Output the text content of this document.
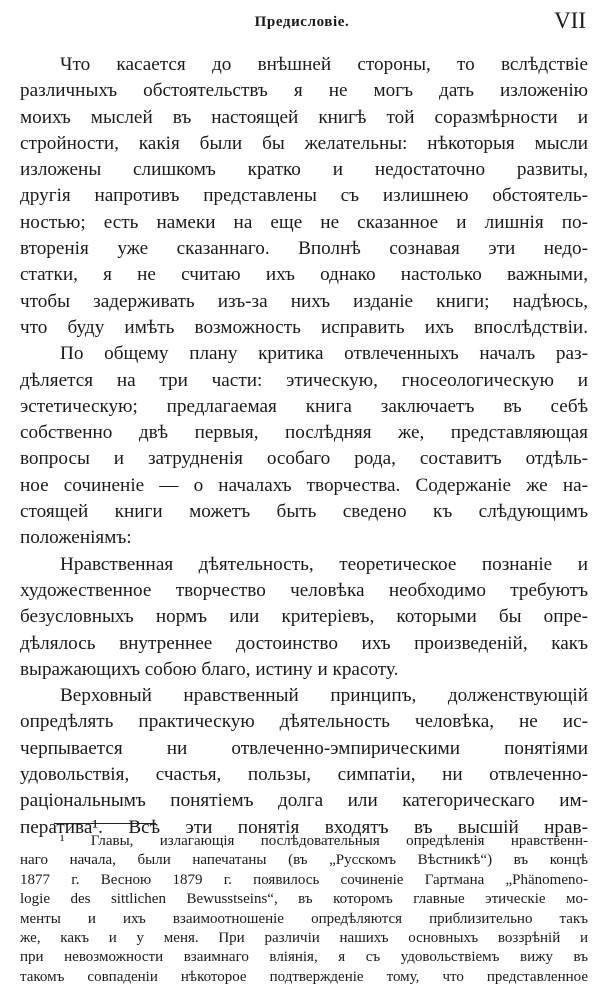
Предисловіе.	VII
Что касается до внѣшней стороны, то вслѣдствіе
различныхъ обстоятельствъ я не могъ дать изложенію
моихъ мыслей въ настоящей книгѣ той соразмѣрности и
стройности, какія были бы желательны: нѣкоторыя мысли
изложены слишкомъ кратко и недостаточно развиты,
другія напротивъ представлены съ излишнею обстоятель-
ностью; есть намеки на еще не сказанное и лишнія по-
вторенія уже сказаннаго. Вполнѣ сознавая эти недо-
статки, я не считаю ихъ однако настолько важными,
чтобы задерживать изъ-за нихъ изданіе книги; надѣюсь,
что буду имѣть возможность исправить ихъ впослѣдствіи.
По общему плану критика отвлеченныхъ началъ раз-
дѣляется на три части: этическую, гносеологическую и
эстетическую; предлагаемая книга заключаетъ въ себѣ
собственно двѣ первыя, послѣдняя же, представляющая
вопросы и затрудненія особаго рода, составитъ отдѣль-
ное сочиненіе — о началахъ творчества. Содержаніе же на-
стоящей книги можетъ быть сведено къ слѣдующимъ
положеніямъ:
Нравственная дѣятельность, теоретическое познаніе и
художественное творчество человѣка необходимо требуютъ
безусловныхъ нормъ или критеріевъ, которыми бы опре-
дѣлялось внутреннее достоинство ихъ произведеній, какъ
выражающихъ собою благо, истину и красоту.
Верховный нравственный принципъ, долженствующій
опредѣлять практическую дѣятельность человѣка, не ис-
черпывается ни отвлеченно-эмпирическими понятіями
удовольствія, счастья, пользы, симпатіи, ни отвлеченно-
раціональнымъ понятіемъ долга или категорическаго им-
ператива¹. Всѣ эти понятія входятъ въ высшій нрав-
¹ Главы, излагающія послѣдовательныя опредѣленія нравственн-
наго начала, были напечатаны (въ „Русскомъ Вѣстникѣ“) въ концѣ
1877 г. Весною 1879 г. появилось сочиненіе Гартмана „Phänomeno-
logie des sittlichen Bewusstseins“, въ которомъ главные этическіе мо-
менты и ихъ взаимоотношеніе опредѣляются приблизительно такъ
же, какъ и у меня. При различіи нашихъ основныхъ воззрѣній и
при невозможности взаимнаго вліянія, я съ удовольствіемъ вижу въ
такомъ совпаденіи нѣкоторое подтвержденіе тому, что представленное
